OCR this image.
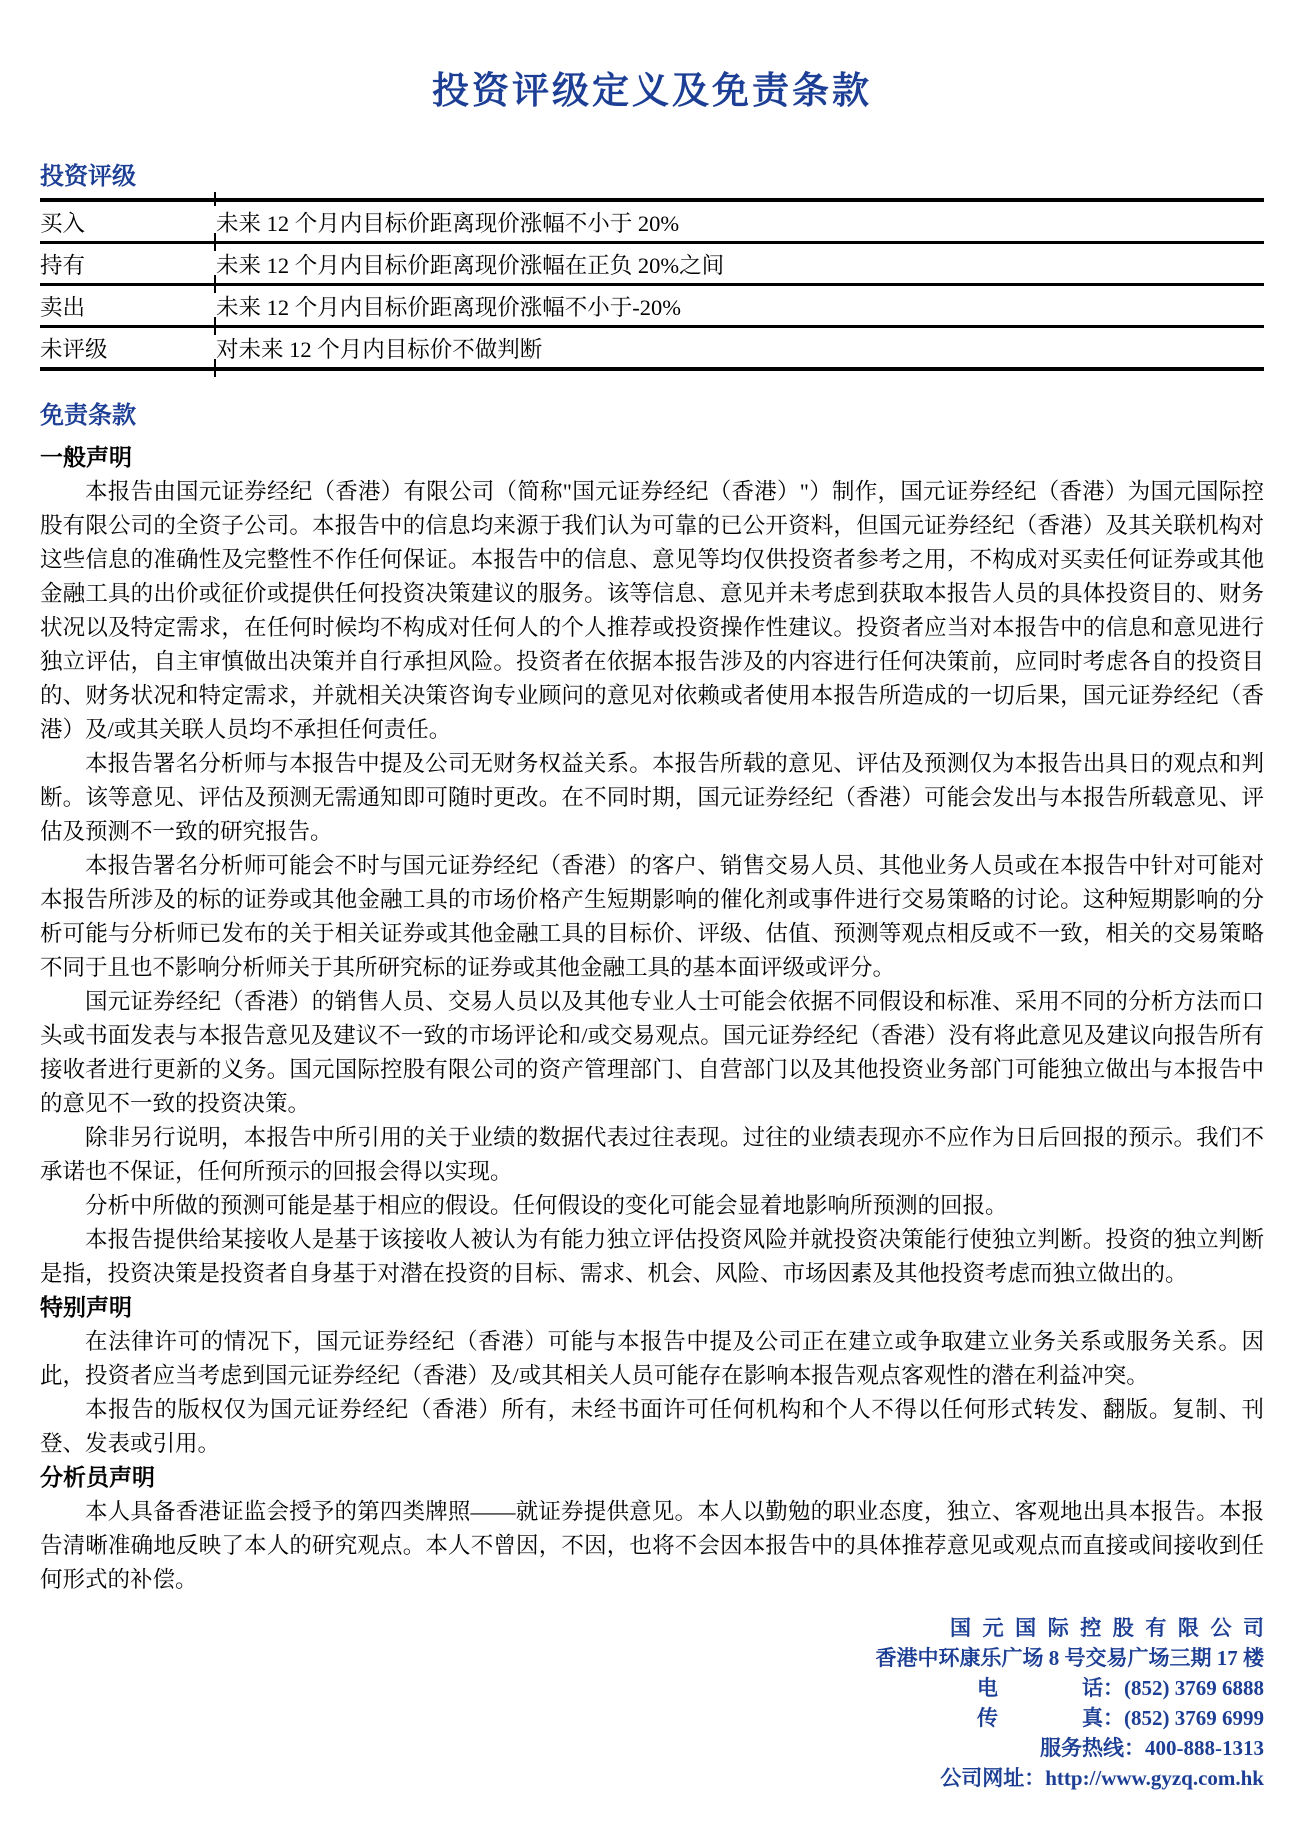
投资评级定义及免责条款
投资评级
买入	未来 12 个月内目标价距离现价涨幅不小于 20%
持有	未来 12 个月内目标价距离现价涨幅在正负 20%之间
卖出	未来 12 个月内目标价距离现价涨幅不小于-20%
未评级	对未来 12 个月内目标价不做判断
免责条款
一般声明

本报告由国元证券经纪（香港）有限公司（简称"国元证券经纪（香港）"）制作，国元证券经纪（香港）为国元国际控股有限公司的全资子公司。本报告中的信息均来源于我们认为可靠的已公开资料，但国元证券经纪（香港）及其关联机构对这些信息的准确性及完整性不作任何保证。本报告中的信息、意见等均仅供投资者参考之用，不构成对买卖任何证券或其他金融工具的出价或征价或提供任何投资决策建议的服务。该等信息、意见并未考虑到获取本报告人员的具体投资目的、财务状况以及特定需求，在任何时候均不构成对任何人的个人推荐或投资操作性建议。投资者应当对本报告中的信息和意见进行独立评估，自主审慎做出决策并自行承担风险。投资者在依据本报告涉及的内容进行任何决策前，应同时考虑各自的投资目的、财务状况和特定需求，并就相关决策咨询专业顾问的意见对依赖或者使用本报告所造成的一切后果，国元证券经纪（香港）及/或其关联人员均不承担任何责任。

本报告署名分析师与本报告中提及公司无财务权益关系。本报告所载的意见、评估及预测仅为本报告出具日的观点和判断。该等意见、评估及预测无需通知即可随时更改。在不同时期，国元证券经纪（香港）可能会发出与本报告所载意见、评估及预测不一致的研究报告。

本报告署名分析师可能会不时与国元证券经纪（香港）的客户、销售交易人员、其他业务人员或在本报告中针对可能对本报告所涉及的标的证券或其他金融工具的市场价格产生短期影响的催化剂或事件进行交易策略的讨论。这种短期影响的分析可能与分析师已发布的关于相关证券或其他金融工具的目标价、评级、估值、预测等观点相反或不一致，相关的交易策略不同于且也不影响分析师关于其所研究标的证券或其他金融工具的基本面评级或评分。

国元证券经纪（香港）的销售人员、交易人员以及其他专业人士可能会依据不同假设和标准、采用不同的分析方法而口头或书面发表与本报告意见及建议不一致的市场评论和/或交易观点。国元证券经纪（香港）没有将此意见及建议向报告所有接收者进行更新的义务。国元国际控股有限公司的资产管理部门、自营部门以及其他投资业务部门可能独立做出与本报告中的意见不一致的投资决策。

除非另行说明，本报告中所引用的关于业绩的数据代表过往表现。过往的业绩表现亦不应作为日后回报的预示。我们不承诺也不保证，任何所预示的回报会得以实现。

分析中所做的预测可能是基于相应的假设。任何假设的变化可能会显着地影响所预测的回报。

本报告提供给某接收人是基于该接收人被认为有能力独立评估投资风险并就投资决策能行使独立判断。投资的独立判断是指，投资决策是投资者自身基于对潜在投资的目标、需求、机会、风险、市场因素及其他投资考虑而独立做出的。

特别声明

在法律许可的情况下，国元证券经纪（香港）可能与本报告中提及公司正在建立或争取建立业务关系或服务关系。因此，投资者应当考虑到国元证券经纪（香港）及/或其相关人员可能存在影响本报告观点客观性的潜在利益冲突。

本报告的版权仅为国元证券经纪（香港）所有，未经书面许可任何机构和个人不得以任何形式转发、翻版。复制、刊登、发表或引用。

分析员声明

本人具备香港证监会授予的第四类牌照——就证券提供意见。本人以勤勉的职业态度，独立、客观地出具本报告。本报告清晰准确地反映了本人的研究观点。本人不曾因，不因，也将不会因本报告中的具体推荐意见或观点而直接或间接收到任何形式的补偿。

国元国际控股有限公司
香港中环康乐广场 8 号交易广场三期 17 楼
电　　　　话：(852) 3769 6888
传　　　　真：(852) 3769 6999
服务热线：400-888-1313
公司网址：http://www.gyzq.com.hk
